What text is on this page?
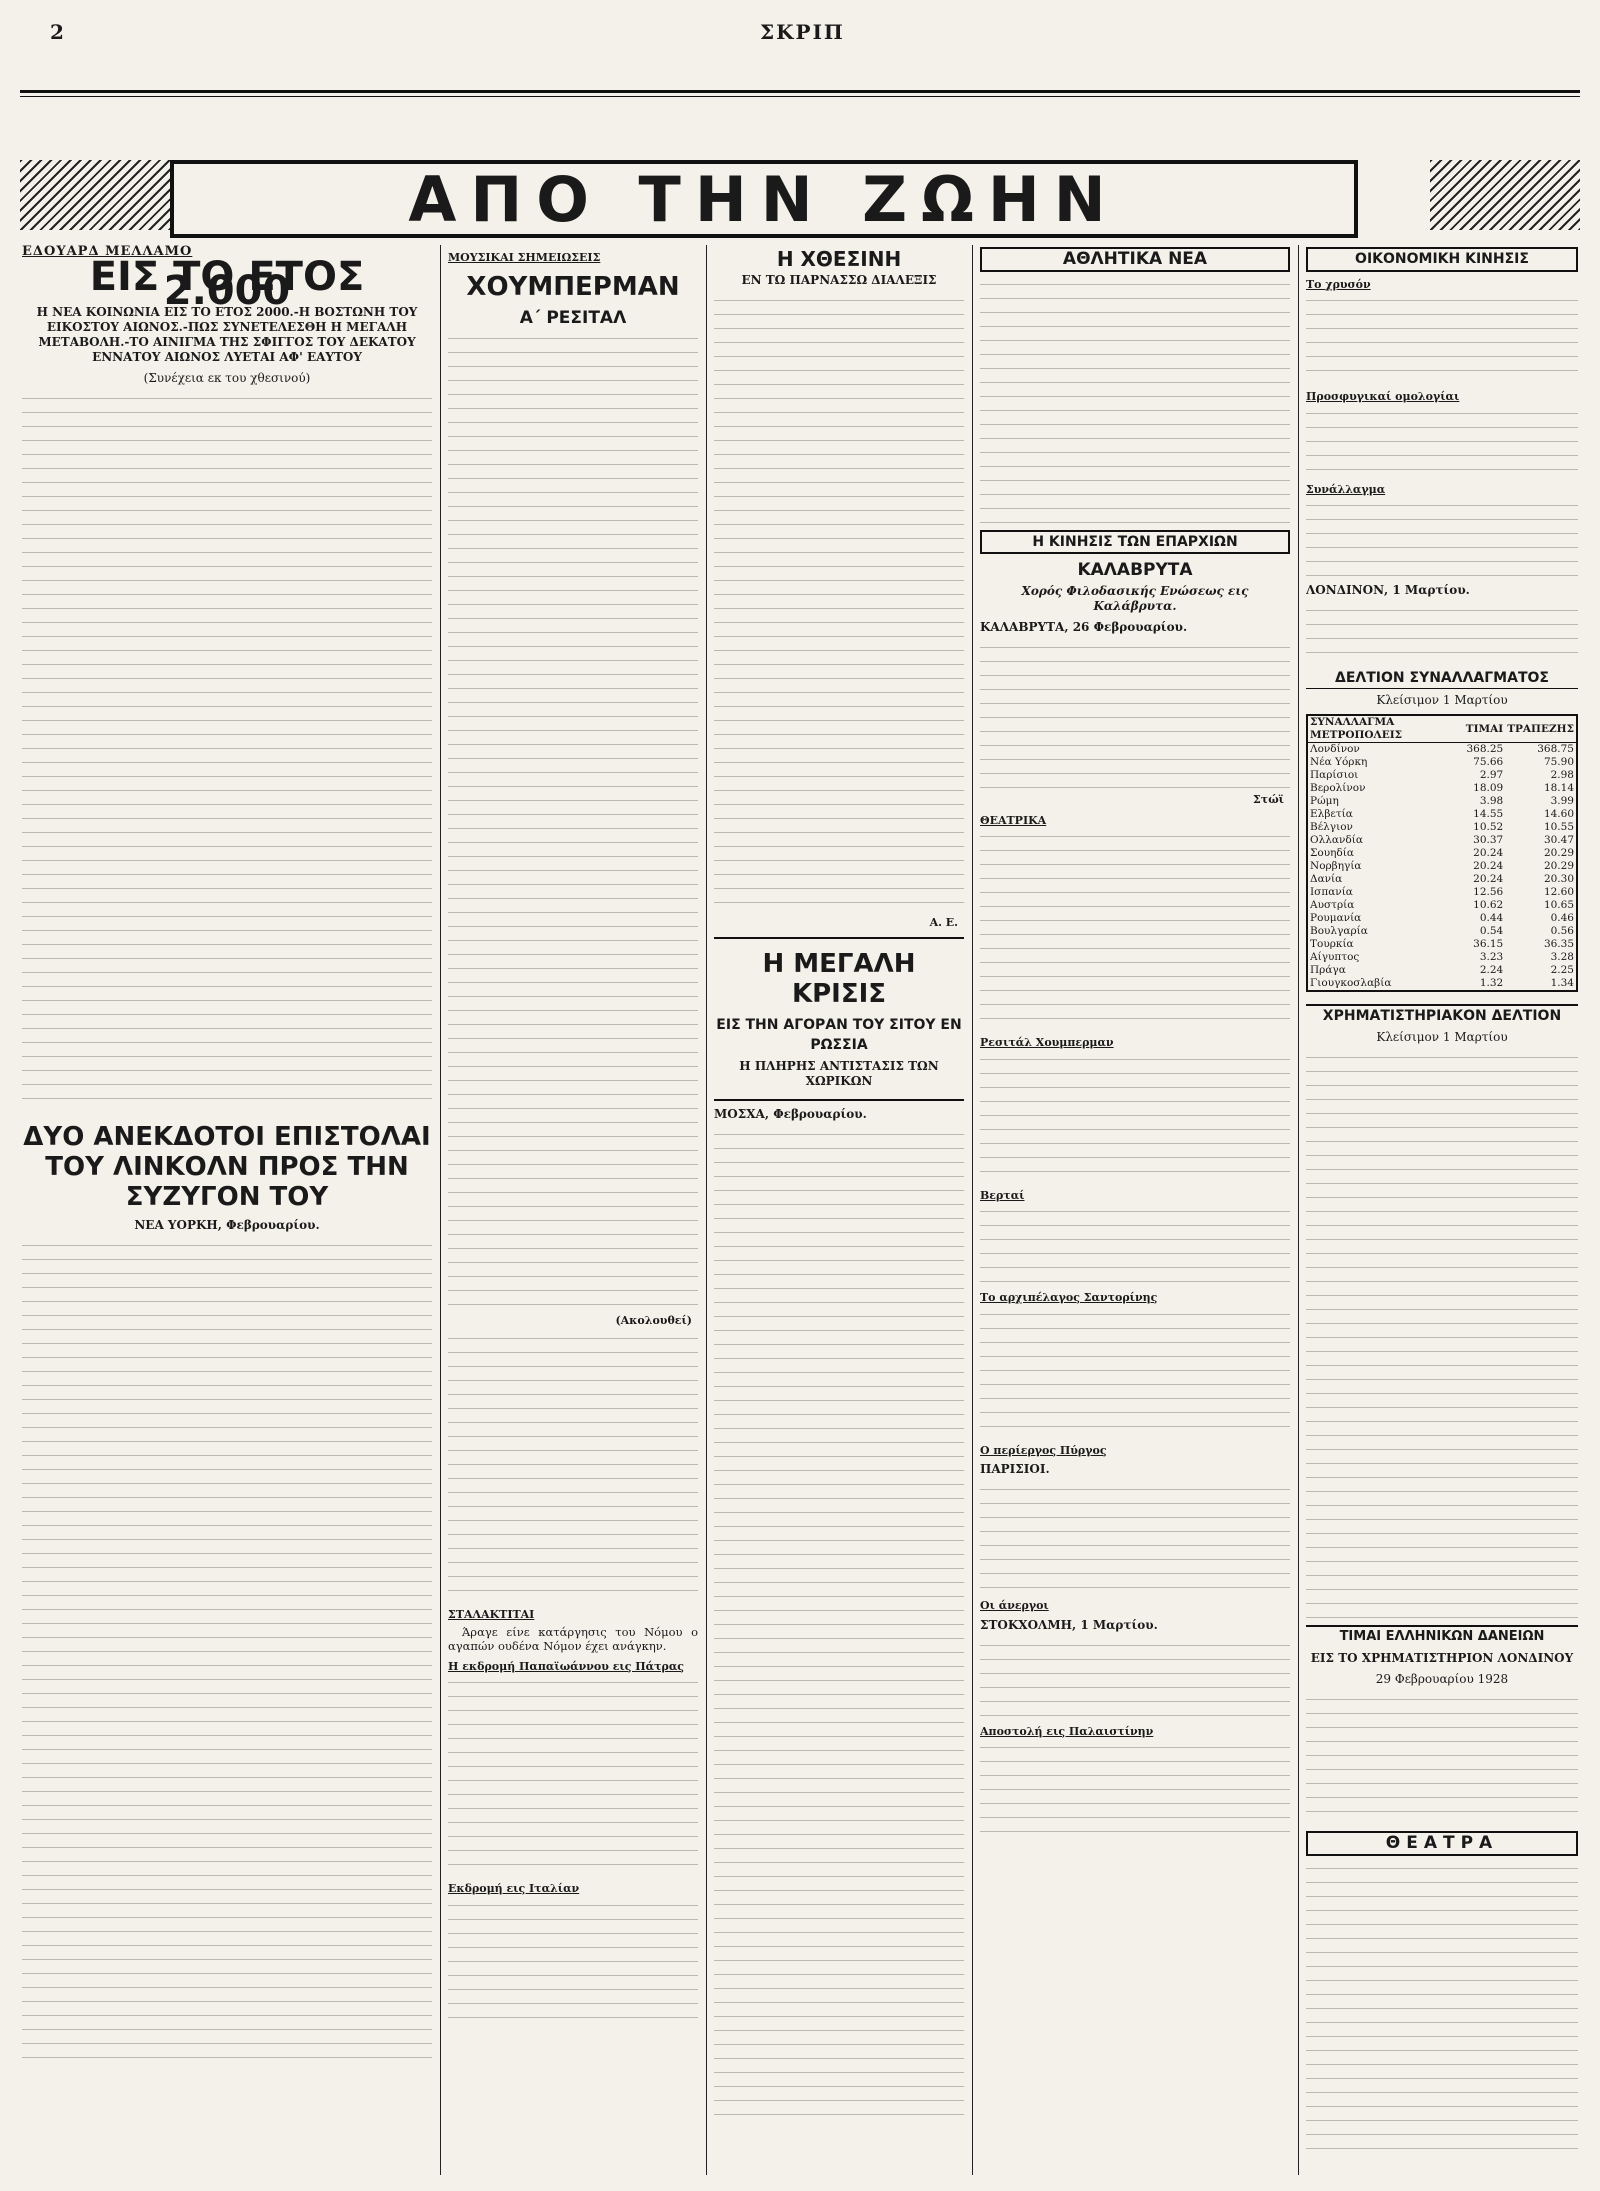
2	ΣΚΡΙΠ
ΑΠΟ ΤΗΝ ΖΩΗΝ
ΕΔΟΥΑΡΔ ΜΕΛΛΑΜΟ
ΕΙΣ ΤΟ ΕΤΟΣ 2.000
Η ΝΕΑ ΚΟΙΝΩΝΙΑ ΕΙΣ ΤΟ ΕΤΟΣ 2000.-Η ΒΟΣΤΩΝΗ ΤΟΥ ΕΙΚΟΣΤΟΥ ΑΙΩΝΟΣ.-ΠΩΣ ΣΥΝΕΤΕΛΕΣΘΗ Η ΜΕΓΑΛΗ ΜΕΤΑΒΟΛΗ.-ΤΟ ΑΙΝΙΓΜΑ ΤΗΣ ΣΦΙΓΓΟΣ ΤΟΥ ΔΕΚΑΤΟΥ ΕΝΝΑΤΟΥ ΑΙΩΝΟΣ ΛΥΕΤΑΙ ΑΦ' ΕΑΥΤΟΥ
(Συνέχεια εκ του χθεσινού)
ΔΥΟ ΑΝΕΚΔΟΤΟΙ ΕΠΙΣΤΟΛΑΙ ΤΟΥ ΛΙΝΚΟΛΝ ΠΡΟΣ ΤΗΝ ΣΥΖΥΓΟΝ ΤΟΥ
ΝΕΑ ΥΟΡΚΗ, Φεβρουαρίου.
ΜΟΥΣΙΚΑΙ ΣΗΜΕΙΩΣΕΙΣ
ΧΟΥΜΠΕΡΜΑΝ
Α΄ ΡΕΣΙΤΑΛ
(Ακολουθεί)
ΣΤΑΛΑΚΤΙΤΑΙ

Άραγε είνε κατάργησις του Νόμου ο αγαπών ουδένα Νόμον έχει ανάγκην.

Η εκδρομή Παπαϊωάννου εις Πάτρας
Εκδρομή εις Ιταλίαν
Η ΧΘΕΣΙΝΗ
ΕΝ ΤΩ ΠΑΡΝΑΣΣΩ ΔΙΑΛΕΞΙΣ
Α. Ε.
Η ΜΕΓΑΛΗ ΚΡΙΣΙΣ
ΕΙΣ ΤΗΝ ΑΓΟΡΑΝ ΤΟΥ ΣΙΤΟΥ ΕΝ ΡΩΣΣΙΑ
Η ΠΛΗΡΗΣ ΑΝΤΙΣΤΑΣΙΣ ΤΩΝ ΧΩΡΙΚΩΝ
ΜΟΣΧΑ, Φεβρουαρίου.
ΑΘΛΗΤΙΚΑ ΝΕΑ
Η ΚΙΝΗΣΙΣ ΤΩΝ ΕΠΑΡΧΙΩΝ
ΚΑΛΑΒΡΥΤΑ
Χορός Φιλοδασικής Ενώσεως εις Καλάβρυτα.
ΚΑΛΑΒΡΥΤΑ, 26 Φεβρουαρίου.
Στώϊ
ΘΕΑΤΡΙΚΑ
Ρεσιτάλ Χουμπερμαν
Βερταί
Το αρχιπέλαγος Σαντορίνης
Ο περίεργος Πύργος
ΠΑΡΙΣΙΟΙ.
Οι άνεργοι
ΣΤΟΚΧΟΛΜΗ, 1 Μαρτίου.
Αποστολή εις Παλαιστίνην
ΟΙΚΟΝΟΜΙΚΗ ΚΙΝΗΣΙΣ
Το χρυσόν
Προσφυγικαί ομολογίαι
Συνάλλαγμα
ΛΟΝΔΙΝΟΝ, 1 Μαρτίου.
ΔΕΛΤΙΟΝ ΣΥΝΑΛΛΑΓΜΑΤΟΣ
Κλείσιμον 1 Μαρτίου
ΣΥΝΑΛΛΑΓΜΑ ΜΕΤΡΟΠΟΛΕΙΣ	ΤΙΜΑΙ	ΤΡΑΠΕΖΗΣ
Λονδίνον	368.25	368.75
Νέα Υόρκη	75.66	75.90
Παρίσιοι	2.97	2.98
Βερολίνον	18.09	18.14
Ρώμη	3.98	3.99
Ελβετία	14.55	14.60
Βέλγιον	10.52	10.55
Ολλανδία	30.37	30.47
Σουηδία	20.24	20.29
Νορβηγία	20.24	20.29
Δανία	20.24	20.30
Ισπανία	12.56	12.60
Αυστρία	10.62	10.65
Ρουμανία	0.44	0.46
Βουλγαρία	0.54	0.56
Τουρκία	36.15	36.35
Αίγυπτος	3.23	3.28
Πράγα	2.24	2.25
Γιουγκοσλαβία	1.32	1.34
ΧΡΗΜΑΤΙΣΤΗΡΙΑΚΟΝ ΔΕΛΤΙΟΝ
Κλείσιμον 1 Μαρτίου
ΤΙΜΑΙ ΕΛΛΗΝΙΚΩΝ ΔΑΝΕΙΩΝ
ΕΙΣ ΤΟ ΧΡΗΜΑΤΙΣΤΗΡΙΟΝ ΛΟΝΔΙΝΟΥ
29 Φεβρουαρίου 1928
ΘΕΑΤΡΑ
